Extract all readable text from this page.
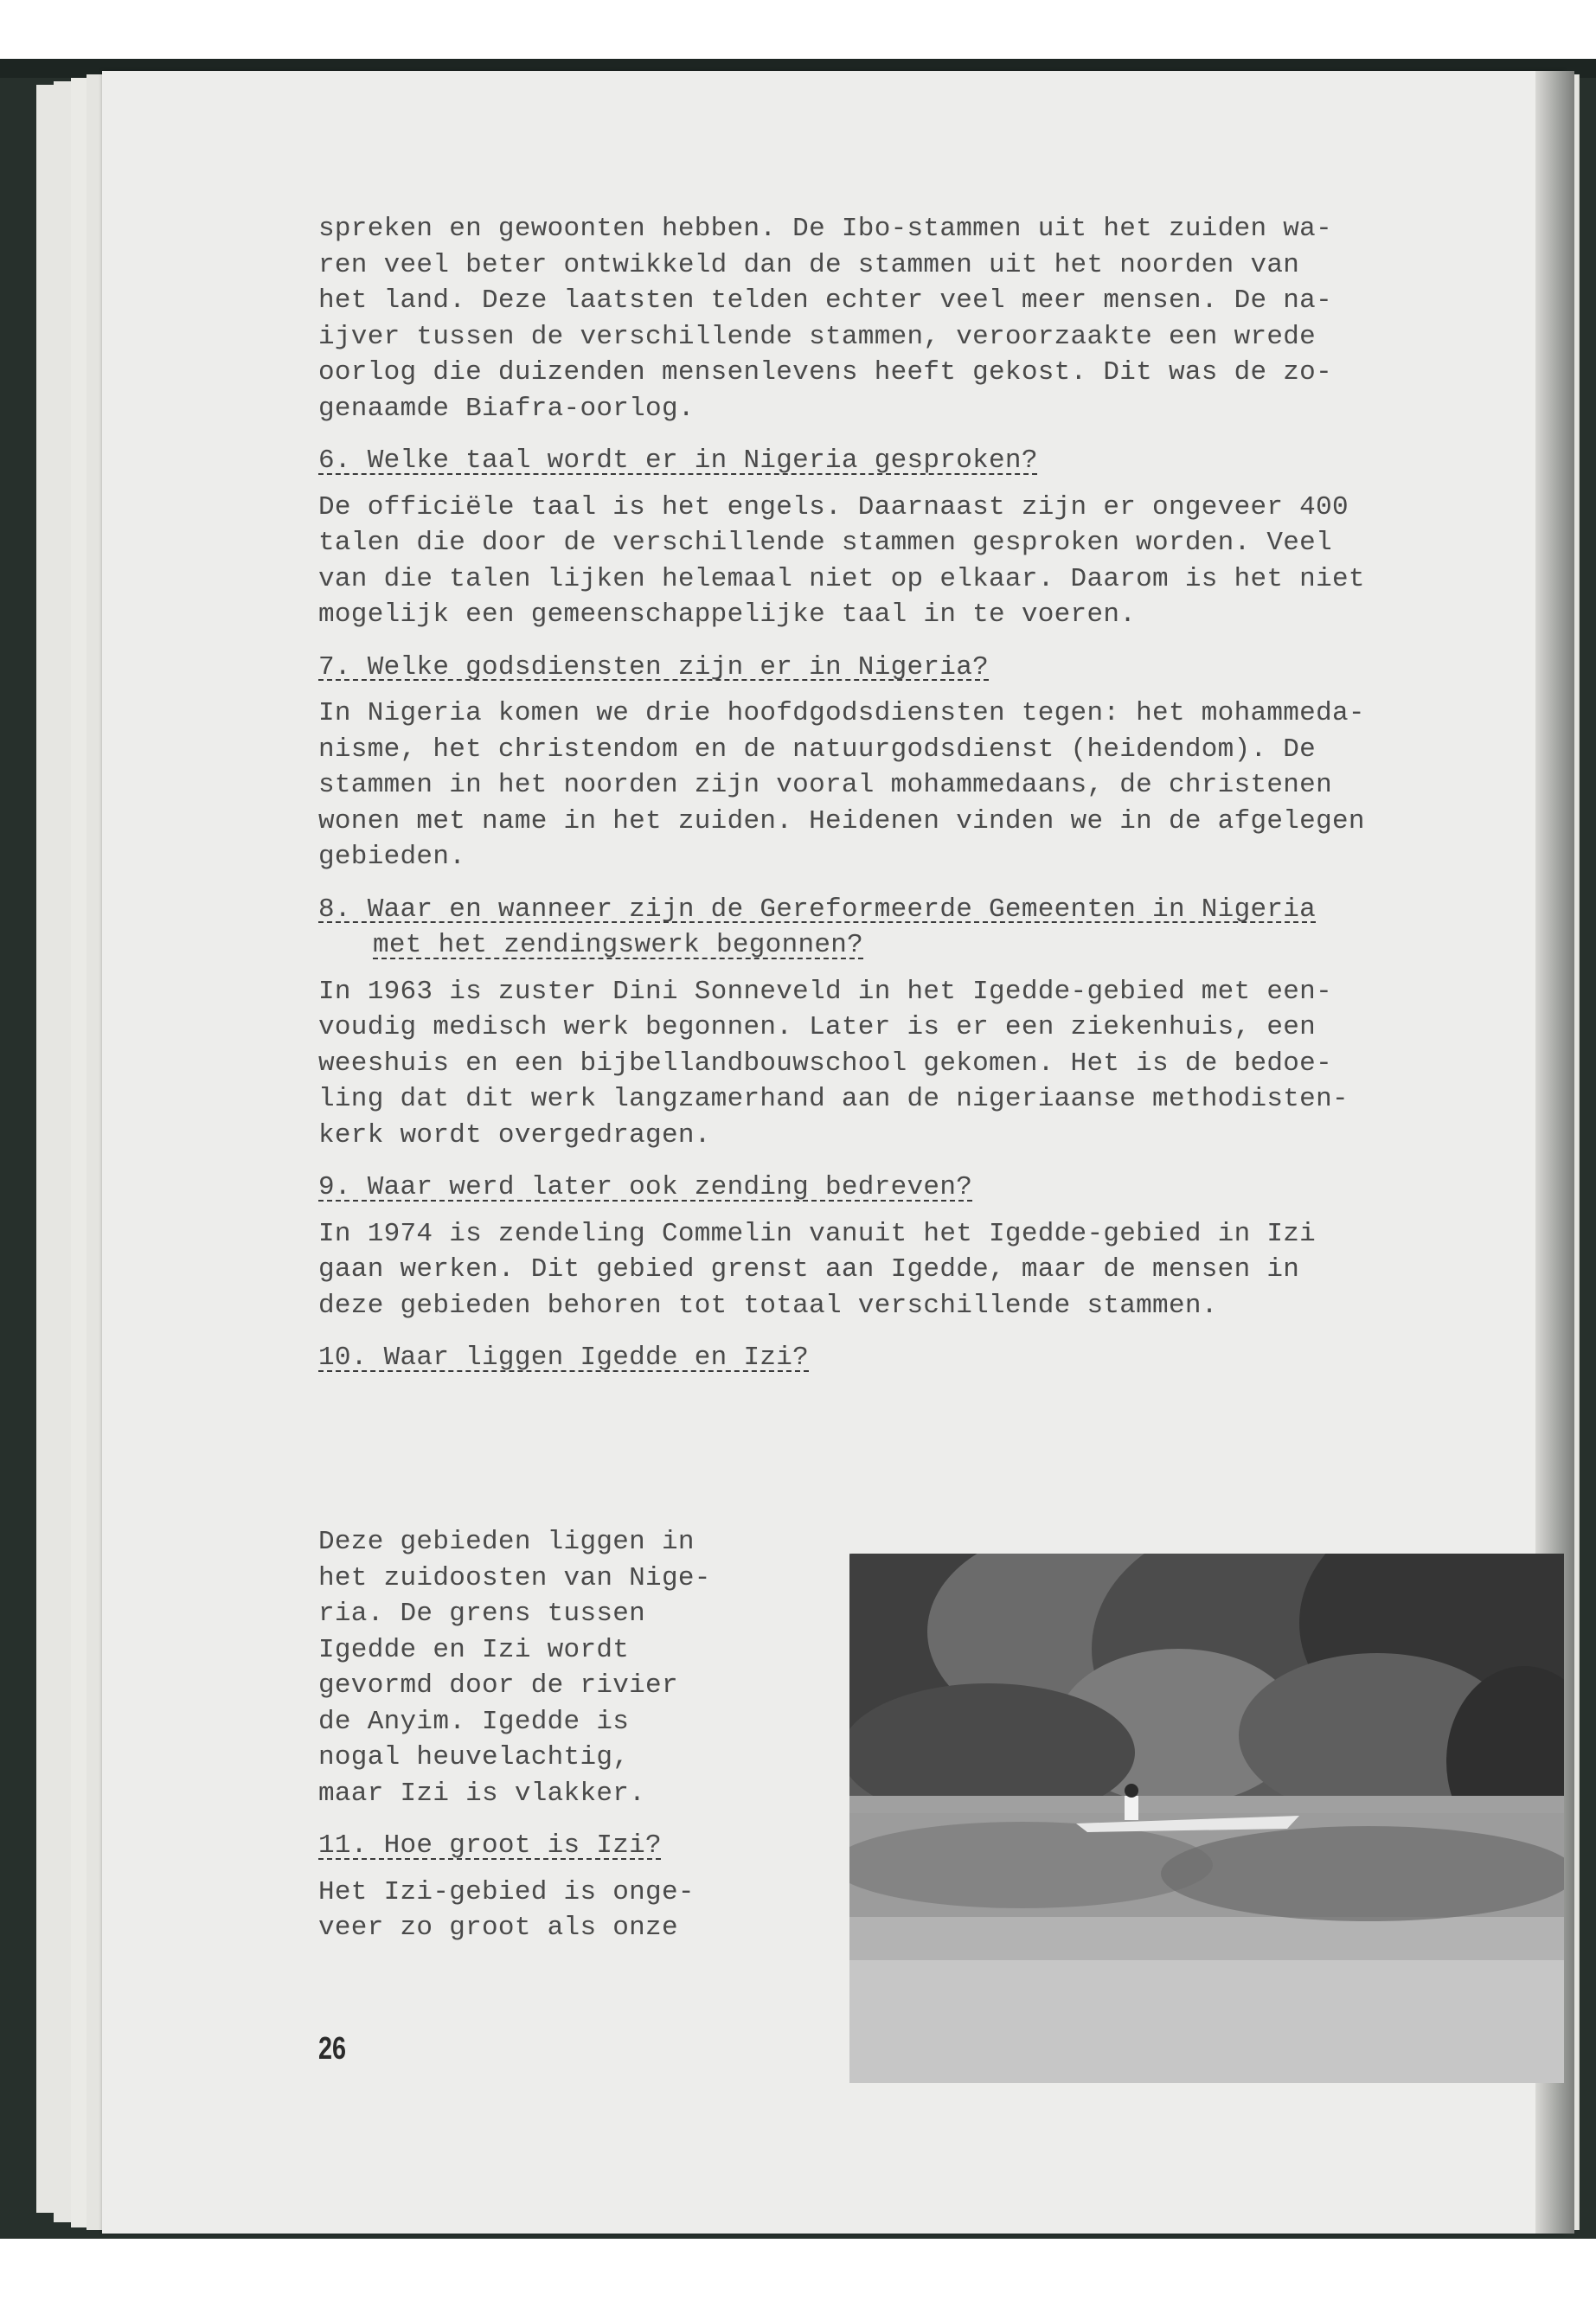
spreken en gewoonten hebben. De Ibo-stammen uit het zuiden wa-
ren veel beter ontwikkeld dan de stammen uit het noorden van
het land. Deze laatsten telden echter veel meer mensen. De na-
ijver tussen de verschillende stammen, veroorzaakte een wrede
oorlog die duizenden mensenlevens heeft gekost. Dit was de zo-
genaamde Biafra-oorlog.
6. Welke taal wordt er in Nigeria gesproken?
De officiële taal is het engels. Daarnaast zijn er ongeveer 400
talen die door de verschillende stammen gesproken worden. Veel
van die talen lijken helemaal niet op elkaar. Daarom is het niet
mogelijk een gemeenschappelijke taal in te voeren.
7. Welke godsdiensten zijn er in Nigeria?
In Nigeria komen we drie hoofdgodsdiensten tegen: het mohammeda-
nisme, het christendom en de natuurgodsdienst (heidendom). De
stammen in het noorden zijn vooral mohammedaans, de christenen
wonen met name in het zuiden. Heidenen vinden we in de afgelegen
gebieden.
8. Waar en wanneer zijn de Gereformeerde Gemeenten in Nigeria
met het zendingswerk begonnen?
In 1963 is zuster Dini Sonneveld in het Igedde-gebied met een-
voudig medisch werk begonnen. Later is er een ziekenhuis, een
weeshuis en een bijbellandbouwschool gekomen. Het is de bedoe-
ling dat dit werk langzamerhand aan de nigeriaanse methodisten-
kerk wordt overgedragen.
9. Waar werd later ook zending bedreven?
In 1974 is zendeling Commelin vanuit het Igedde-gebied in Izi
gaan werken. Dit gebied grenst aan Igedde, maar de mensen in
deze gebieden behoren tot totaal verschillende stammen.
10. Waar liggen Igedde en Izi?
Deze gebieden liggen in
het zuidoosten van Nige-
ria. De grens tussen
Igedde en Izi wordt
gevormd door de rivier
de Anyim. Igedde is
nogal heuvelachtig,
maar Izi is vlakker.
11. Hoe groot is Izi?
Het Izi-gebied is onge-
veer zo groot als onze
26
